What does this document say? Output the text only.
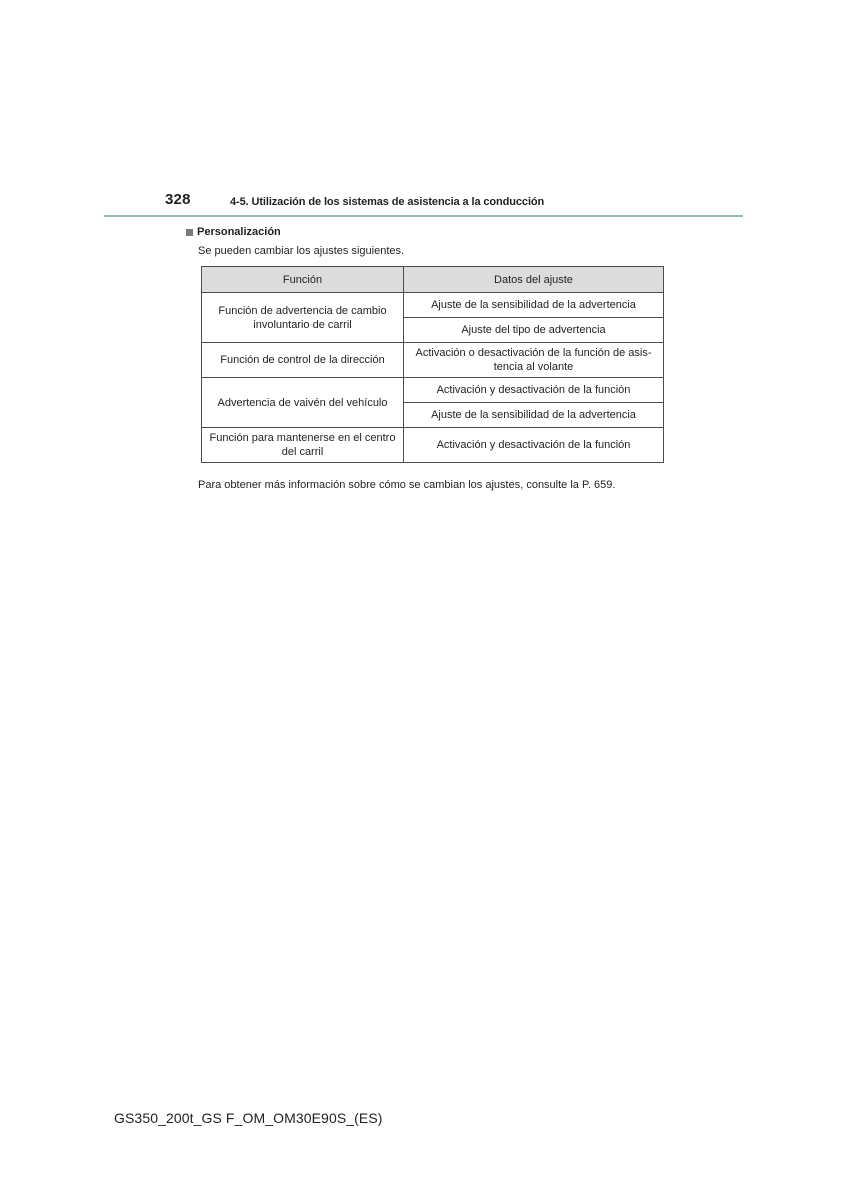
328	4-5. Utilización de los sistemas de asistencia a la conducción
Personalización
Se pueden cambiar los ajustes siguientes.
Función	Datos del ajuste
Función de advertencia de cambio involuntario de carril	Ajuste de la sensibilidad de la advertencia
	Ajuste del tipo de advertencia
Función de control de la dirección	Activación o desactivación de la función de asis-tencia al volante
Advertencia de vaivén del vehículo	Activación y desactivación de la función
	Ajuste de la sensibilidad de la advertencia
Función para mantenerse en el centro del carril	Activación y desactivación de la función
Para obtener más información sobre cómo se cambian los ajustes, consulte la P. 659.
GS350_200t_GS F_OM_OM30E90S_(ES)
